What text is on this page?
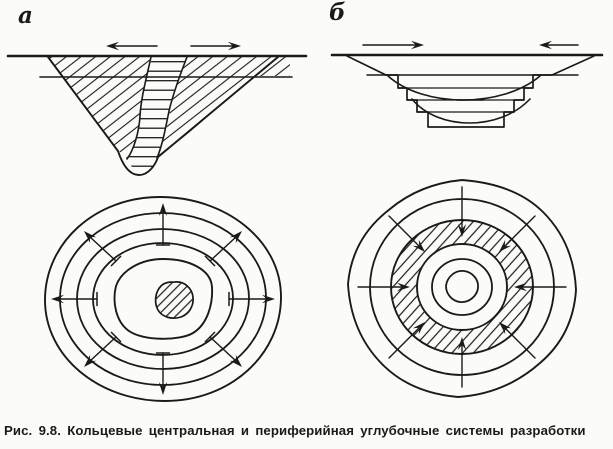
а	б
Рис. 9.8. Кольцевые центральная и периферийная углубочные системы разработки
